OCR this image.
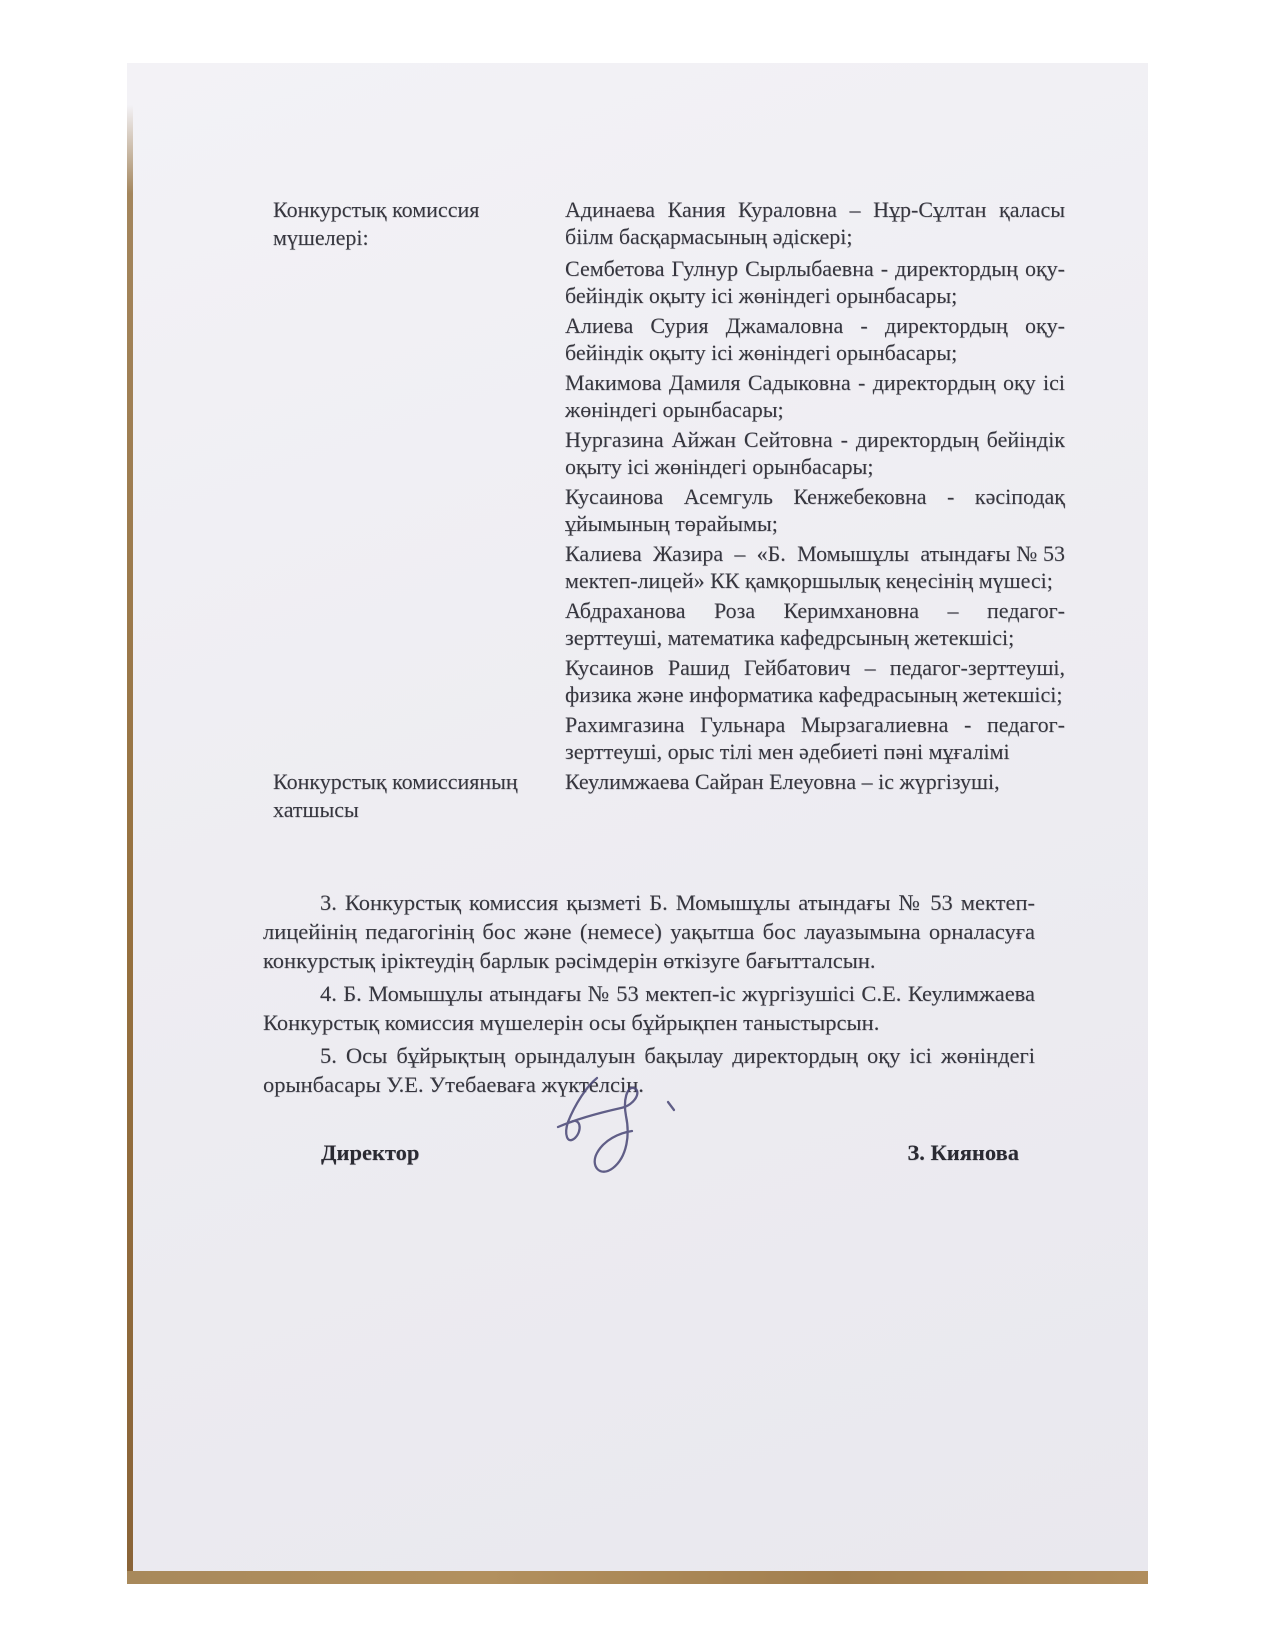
Конкурстық комиссия мүшелері:
Адинаева Кания Кураловна – Нұр-Сұлтан қаласы біілм басқармасының әдіскері;
Сембетова Гулнур Сырлыбаевна - директордың оқу- бейіндік оқыту ісі жөніндегі орынбасары;
Алиева Сурия Джамаловна - директордың оқу-бейіндік оқыту ісі жөніндегі орынбасары;
Макимова Дамиля Садыковна - директордың оқу ісі жөніндегі орынбасары;
Нургазина Айжан Сейтовна - директордың бейіндік оқыту ісі жөніндегі орынбасары;
Кусаинова Асемгуль Кенжебековна - кәсіподақ ұйымының төрайымы;
Калиева Жазира – «Б. Момышұлы атындағы№53 мектеп-лицей» КК қамқоршылық кеңесінің мүшесі;
Абдраханова Роза Керимхановна – педагог-зерттеуші, математика кафедрсының жетекшісі;
Кусаинов Рашид Гейбатович – педагог-зерттеуші, физика және информатика кафедрасының жетекшісі;
Рахимгазина Гульнара Мырзагалиевна - педагог-зерттеуші, орыс тілі мен әдебиеті пәні мұғалімі
Конкурстық комиссияның хатшысы
Кеулимжаева Сайран Елеуовна – іс жүргізуші,

3. Конкурстық комиссия қызметі Б. Момышұлы атындағы № 53 мектеп-лицейінің педагогінің бос және (немесе) уақытша бос лауазымына орналасуға конкурстық іріктеудің барлык рәсімдерін өткізуге бағытталсын.

4. Б. Момышұлы атындағы № 53 мектеп-іс жүргізушісі С.Е. Кеулимжаева Конкурстық комиссия мүшелерін осы бұйрықпен таныстырсын.

5. Осы бұйрықтың орындалуын бақылау директордың оқу ісі жөніндегі орынбасары У.Е. Утебаеваға жүктелсін.

Директор	З. Киянова
